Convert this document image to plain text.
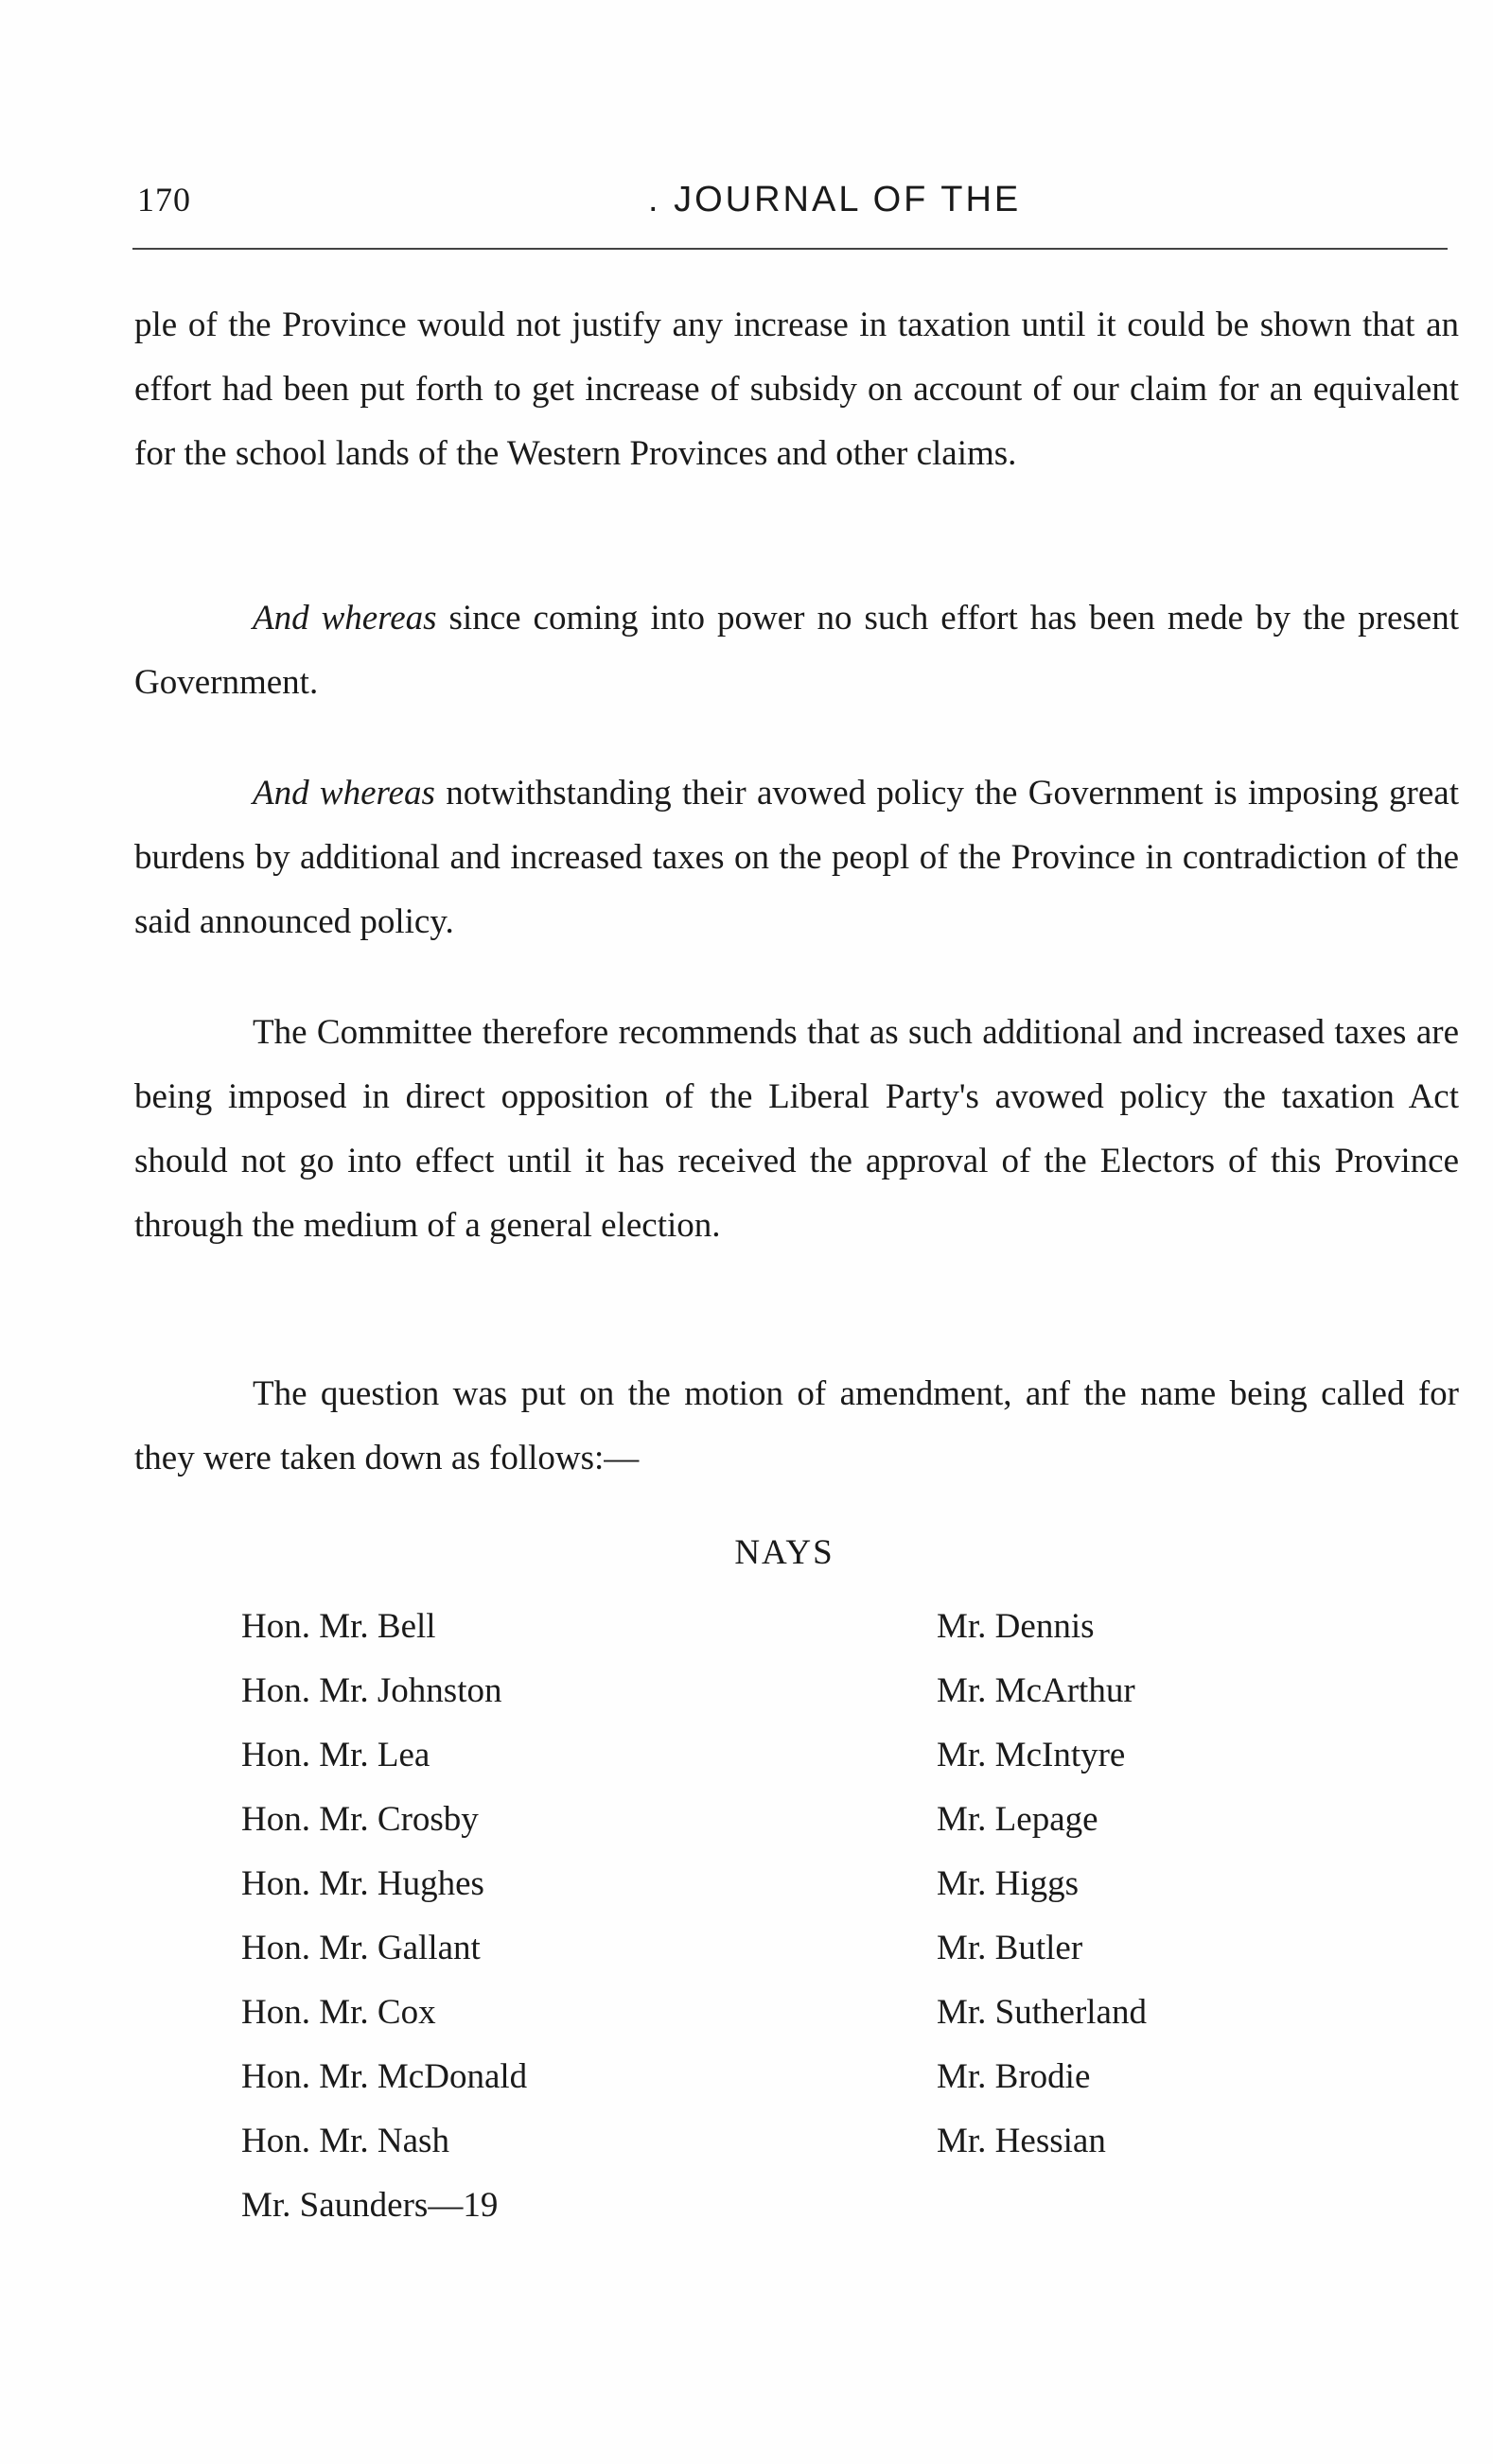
170	. JOURNAL OF THE

ple of the Province would not justify any increase in taxation until it could be shown that an effort had been put forth to get increase of subsidy on account of our claim for an equivalent for the school lands of the Western Provinces and other claims.

And whereas since coming into power no such effort has been mede by the present Government.

And whereas notwithstanding their avowed policy the Government is imposing great burdens by additional and increased taxes on the peopl of the Province in contradiction of the said announced policy.

The Committee therefore recommends that as such additional and increased taxes are being imposed in direct opposition of the Liberal Party's avowed policy the taxation Act should not go into effect until it has received the approval of the Electors of this Province through the medium of a general election.

The question was put on the motion of amendment, anf the name being called for they were taken down as follows:—

NAYS
Hon. Mr. Bell
Hon. Mr. Johnston
Hon. Mr. Lea
Hon. Mr. Crosby
Hon. Mr. Hughes
Hon. Mr. Gallant
Hon. Mr. Cox
Hon. Mr. McDonald
Hon. Mr. Nash
Mr. Saunders—19
Mr. Dennis
Mr. McArthur
Mr. McIntyre
Mr. Lepage
Mr. Higgs
Mr. Butler
Mr. Sutherland
Mr. Brodie
Mr. Hessian
